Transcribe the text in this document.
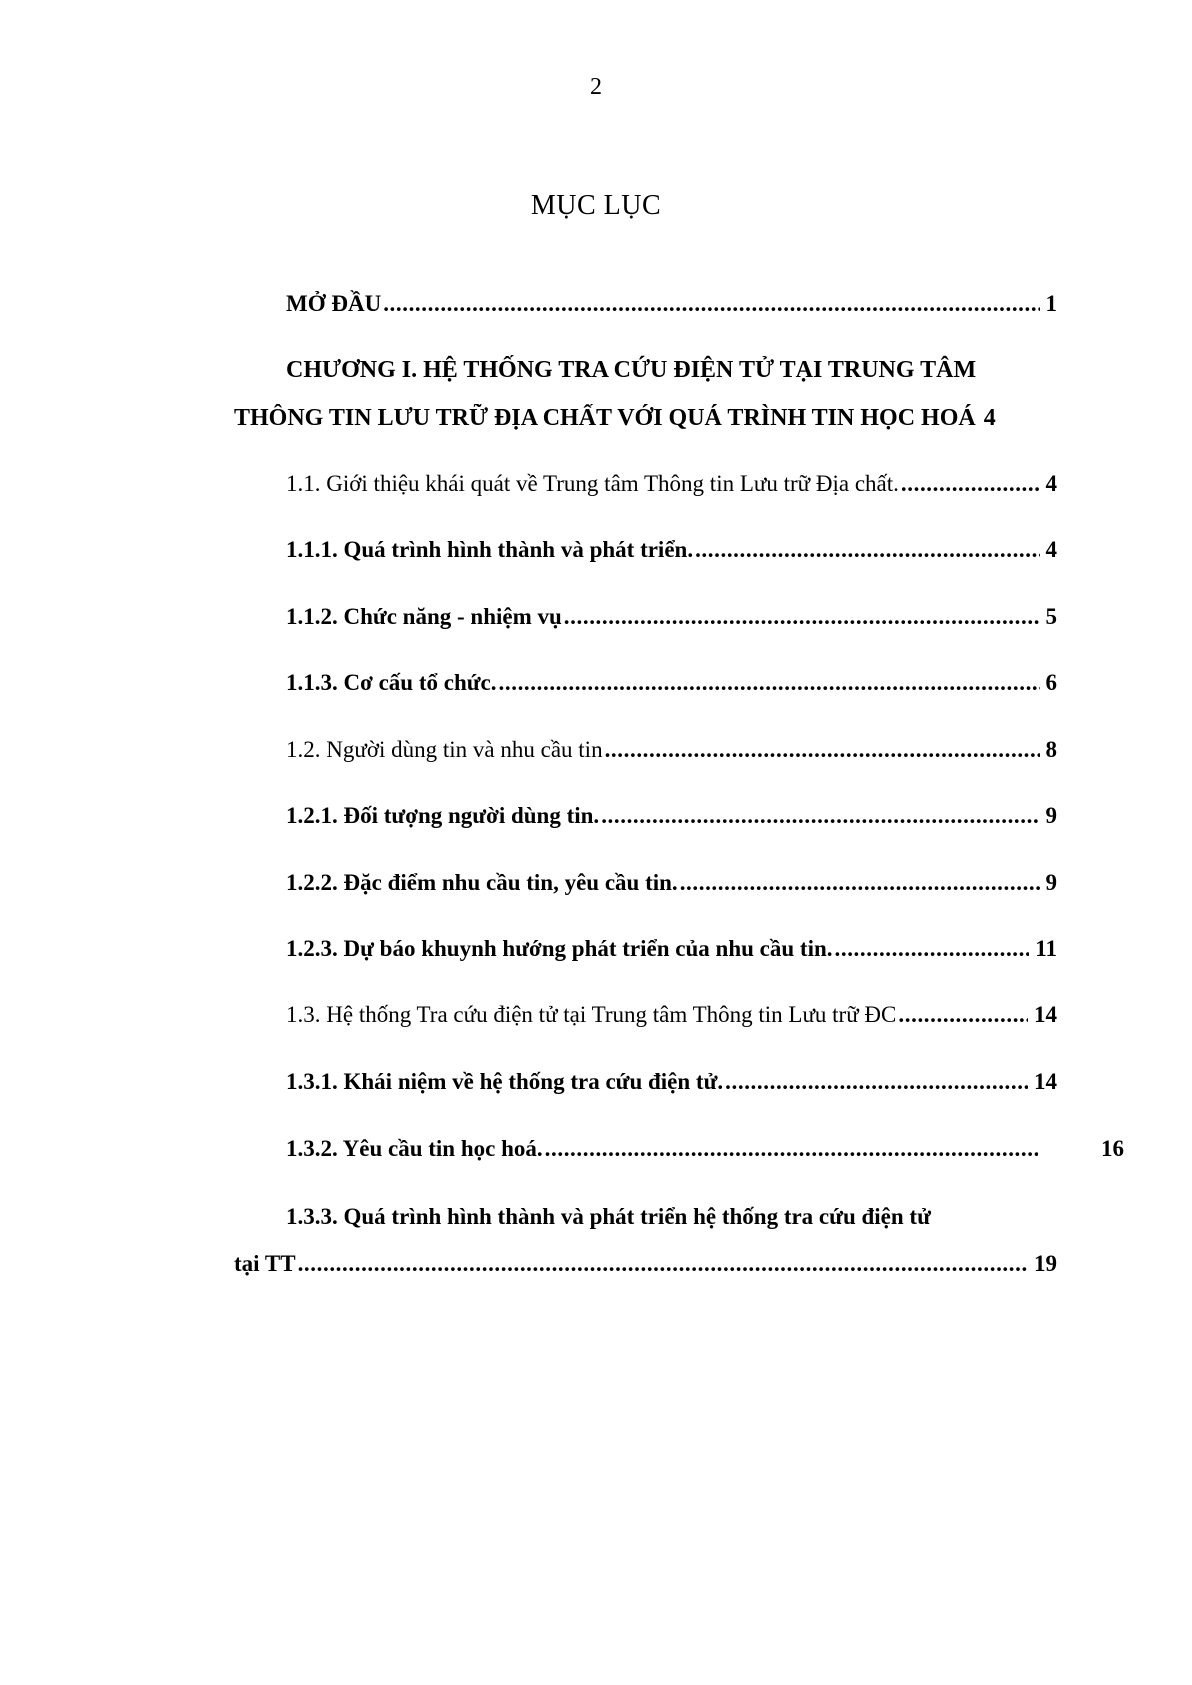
2
MỤC LỤC
MỞ ĐẦU .....	1
CHƯƠNG I. HỆ THỐNG TRA CỨU ĐIỆN TỬ TẠI TRUNG TÂM
THÔNG TIN LƯU TRỮ ĐỊA CHẤT VỚI QUÁ TRÌNH TIN HỌC HOÁ 4
1.1. Giới thiệu khái quát về Trung tâm Thông tin Lưu trữ Địa chất. .....	4
1.1.1. Quá trình hình thành và phát triển. .....	4
1.1.2. Chức năng - nhiệm vụ .....	5
1.1.3. Cơ cấu tổ chức. .....	6
1.2. Người dùng tin và nhu cầu tin .....	8
1.2.1. Đối tượng người dùng tin. .....	9
1.2.2. Đặc điểm nhu cầu tin, yêu cầu tin. .....	9
1.2.3. Dự báo khuynh hướng phát triển của nhu cầu tin. .....	11
1.3. Hệ thống Tra cứu điện tử tại Trung tâm Thông tin Lưu trữ ĐC .....	14
1.3.1. Khái niệm về hệ thống tra cứu điện tử. .....	14
1.3.2. Yêu cầu tin học hoá. .....	16
1.3.3. Quá trình hình thành và phát triển hệ thống tra cứu điện tử
tại TT .....	19
